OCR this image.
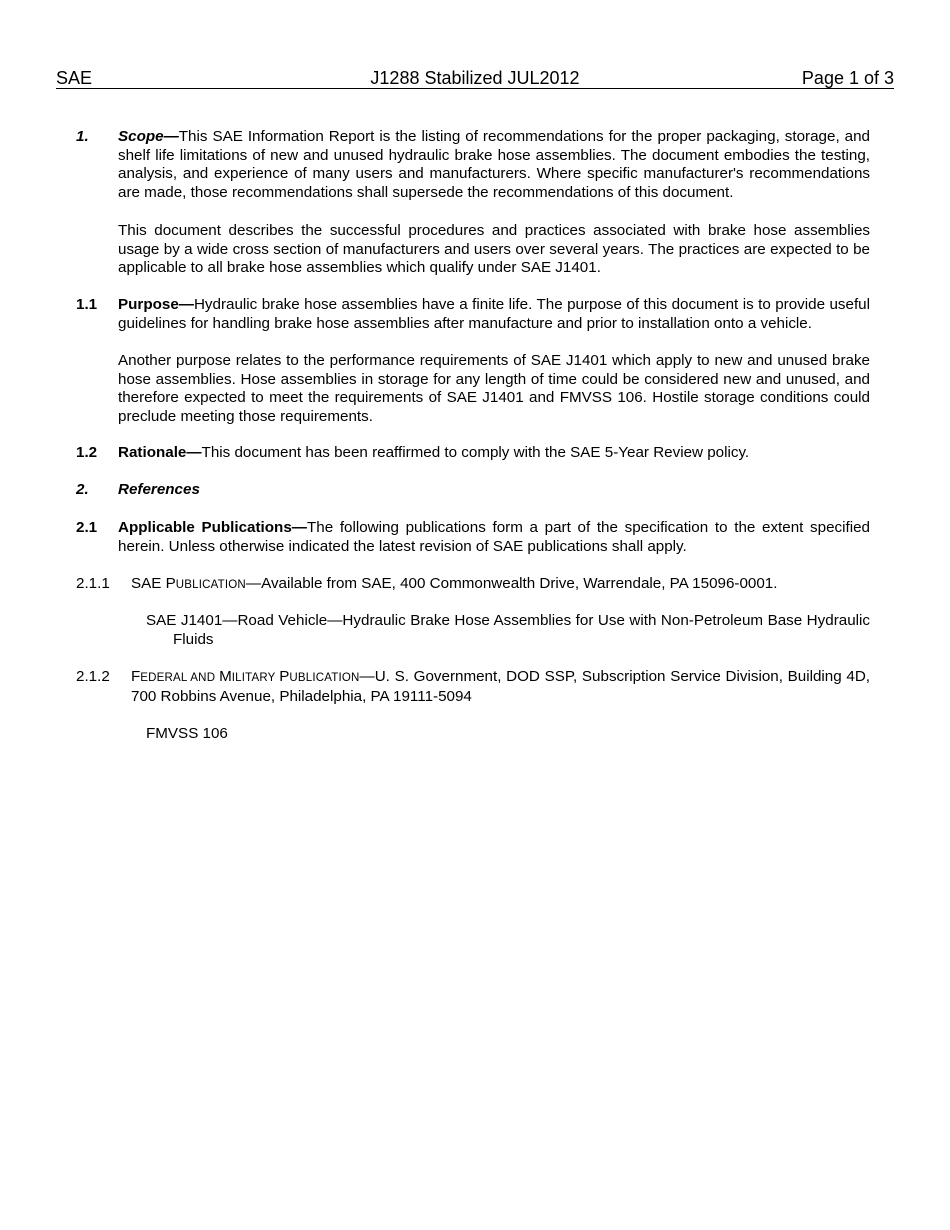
SAE	J1288 Stabilized JUL2012	Page 1 of 3
1. Scope—This SAE Information Report is the listing of recommendations for the proper packaging, storage, and shelf life limitations of new and unused hydraulic brake hose assemblies. The document embodies the testing, analysis, and experience of many users and manufacturers. Where specific manufacturer's recommendations are made, those recommendations shall supersede the recommendations of this document.

This document describes the successful procedures and practices associated with brake hose assemblies usage by a wide cross section of manufacturers and users over several years. The practices are expected to be applicable to all brake hose assemblies which qualify under SAE J1401.

1.1 Purpose—Hydraulic brake hose assemblies have a finite life. The purpose of this document is to provide useful guidelines for handling brake hose assemblies after manufacture and prior to installation onto a vehicle.

Another purpose relates to the performance requirements of SAE J1401 which apply to new and unused brake hose assemblies. Hose assemblies in storage for any length of time could be considered new and unused, and therefore expected to meet the requirements of SAE J1401 and FMVSS 106. Hostile storage conditions could preclude meeting those requirements.

1.2 Rationale—This document has been reaffirmed to comply with the SAE 5-Year Review policy.

2. References

2.1 Applicable Publications—The following publications form a part of the specification to the extent specified herein. Unless otherwise indicated the latest revision of SAE publications shall apply.

2.1.1 SAE PUBLICATION—Available from SAE, 400 Commonwealth Drive, Warrendale, PA 15096-0001.

SAE J1401—Road Vehicle—Hydraulic Brake Hose Assemblies for Use with Non-Petroleum Base Hydraulic Fluids

2.1.2 FEDERAL AND MILITARY PUBLICATION—U. S. Government, DOD SSP, Subscription Service Division, Building 4D, 700 Robbins Avenue, Philadelphia, PA 19111-5094

FMVSS 106
